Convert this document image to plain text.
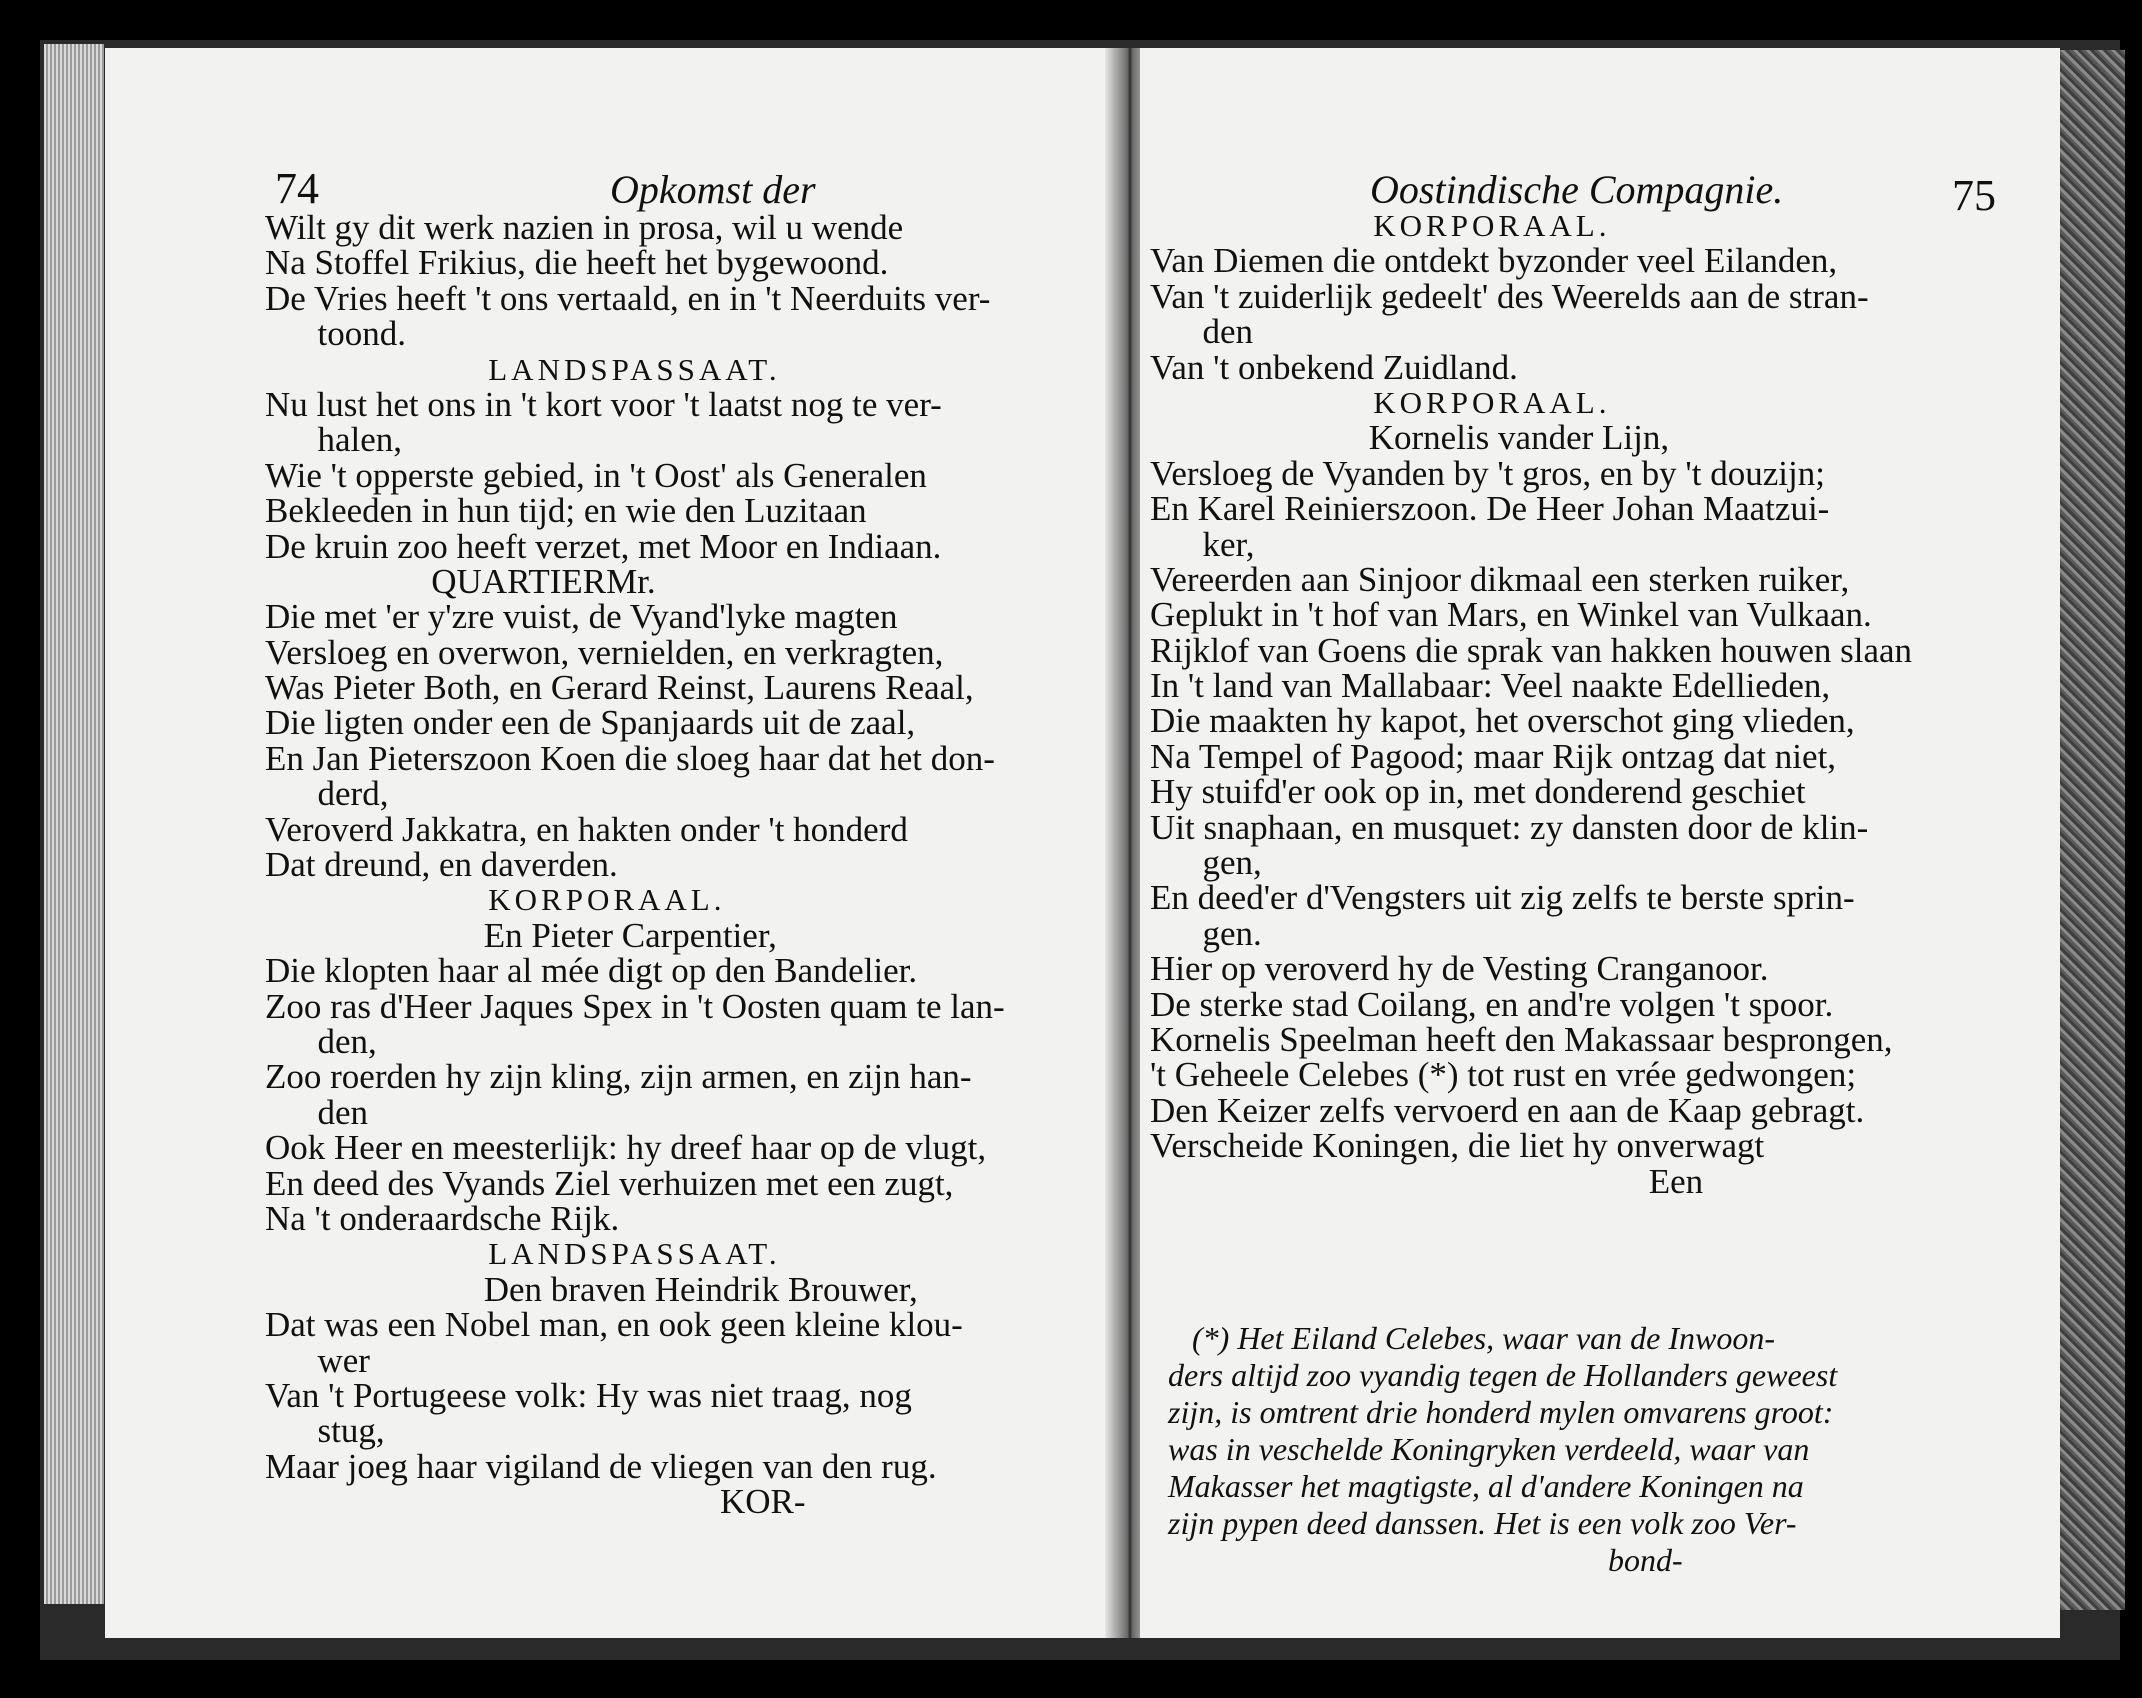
74	Opkomst der
Wilt gy dit werk nazien in prosa, wil u wende
Na Stoffel Frikius, die heeft het bygewoond.
De Vries heeft 't ons vertaald, en in 't Neerduits ver-
toond.
LANDSPASSAAT.
Nu lust het ons in 't kort voor 't laatst nog te ver-
halen,
Wie 't opperste gebied, in 't Oost' als Generalen
Bekleeden in hun tijd; en wie den Luzitaan
De kruin zoo heeft verzet, met Moor en Indiaan.
QUARTIERMr.
Die met 'er y'zre vuist, de Vyand'lyke magten
Versloeg en overwon, vernielden, en verkragten,
Was Pieter Both, en Gerard Reinst, Laurens Reaal,
Die ligten onder een de Spanjaards uit de zaal,
En Jan Pieterszoon Koen die sloeg haar dat het don-
derd,
Veroverd Jakkatra, en hakten onder 't honderd
Dat dreund, en daverden.
KORPORAAL.
En Pieter Carpentier,
Die klopten haar al mée digt op den Bandelier.
Zoo ras d'Heer Jaques Spex in 't Oosten quam te lan-
den,
Zoo roerden hy zijn kling, zijn armen, en zijn han-
den
Ook Heer en meesterlijk: hy dreef haar op de vlugt,
En deed des Vyands Ziel verhuizen met een zugt,
Na 't onderaardsche Rijk.
LANDSPASSAAT.
Den braven Heindrik Brouwer,
Dat was een Nobel man, en ook geen kleine klou-
wer
Van 't Portugeese volk: Hy was niet traag, nog
stug,
Maar joeg haar vigiland de vliegen van den rug.
KOR-
Oostindische Compagnie.	75
KORPORAAL.
Van Diemen die ontdekt byzonder veel Eilanden,
Van 't zuiderlijk gedeelt' des Weerelds aan de stran-
den
Van 't onbekend Zuidland.
KORPORAAL.
Kornelis vander Lijn,
Versloeg de Vyanden by 't gros, en by 't douzijn;
En Karel Reinierszoon. De Heer Johan Maatzui-
ker,
Vereerden aan Sinjoor dikmaal een sterken ruiker,
Geplukt in 't hof van Mars, en Winkel van Vulkaan.
Rijklof van Goens die sprak van hakken houwen slaan
In 't land van Mallabaar: Veel naakte Edellieden,
Die maakten hy kapot, het overschot ging vlieden,
Na Tempel of Pagood; maar Rijk ontzag dat niet,
Hy stuifd'er ook op in, met donderend geschiet
Uit snaphaan, en musquet: zy dansten door de klin-
gen,
En deed'er d'Vengsters uit zig zelfs te berste sprin-
gen.
Hier op veroverd hy de Vesting Cranganoor.
De sterke stad Coilang, en and're volgen 't spoor.
Kornelis Speelman heeft den Makassaar besprongen,
't Geheele Celebes (*) tot rust en vrée gedwongen;
Den Keizer zelfs vervoerd en aan de Kaap gebragt.
Verscheide Koningen, die liet hy onverwagt
Een
(*) Het Eiland Celebes, waar van de Inwoon-
ders altijd zoo vyandig tegen de Hollanders geweest
zijn, is omtrent drie honderd mylen omvarens groot:
was in veschelde Koningryken verdeeld, waar van
Makasser het magtigste, al d'andere Koningen na
zijn pypen deed danssen. Het is een volk zoo Ver-
bond-
